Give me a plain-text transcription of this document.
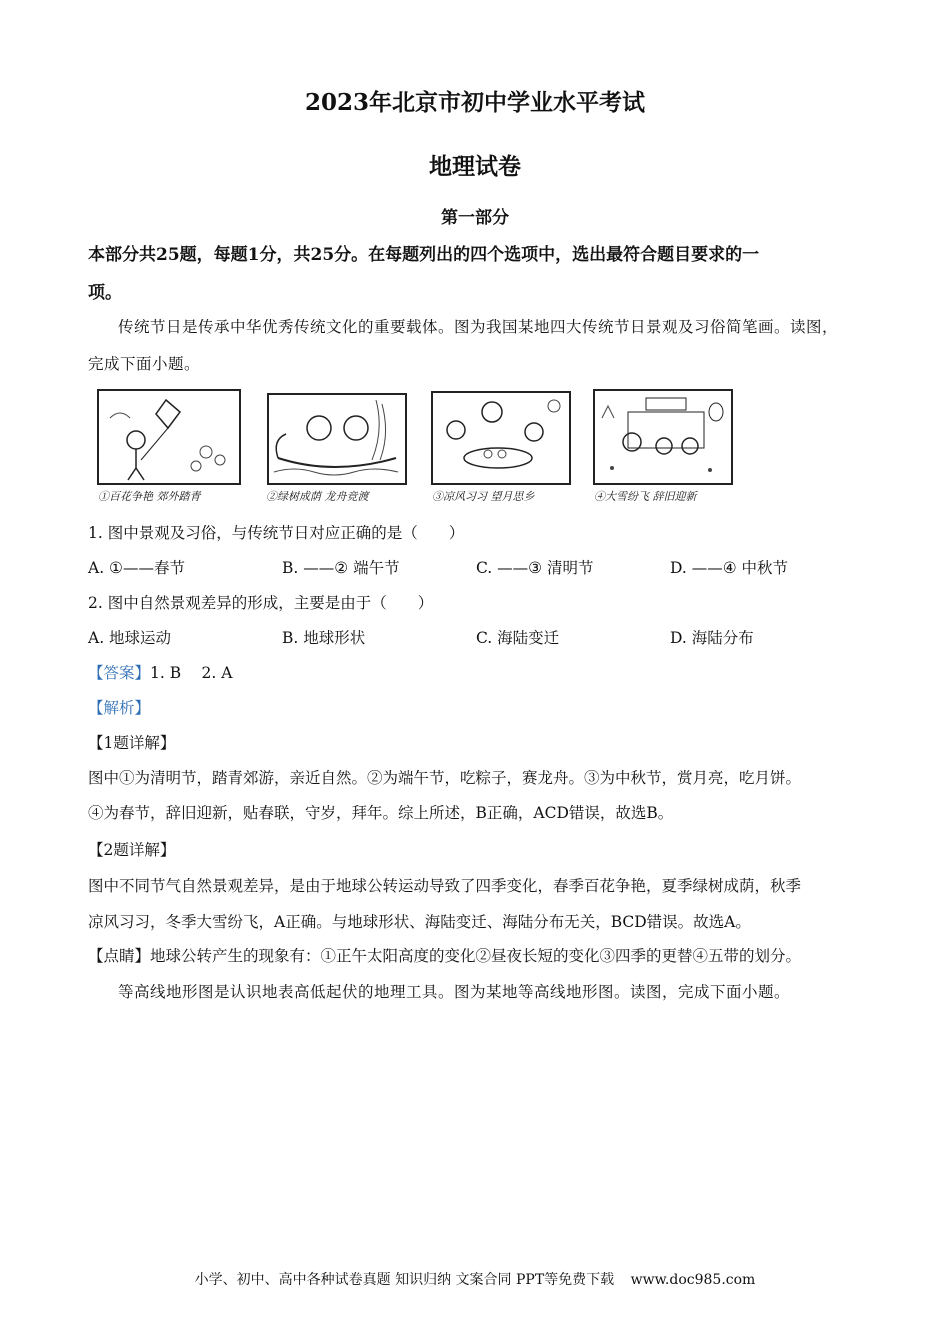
2023年北京市初中学业水平考试
地理试卷
第一部分
本部分共25题，每题1分，共25分。在每题列出的四个选项中，选出最符合题目要求的一
项。
传统节日是传承中华优秀传统文化的重要载体。图为我国某地四大传统节日景观及习俗简笔画。读图，
完成下面小题。
①百花争艳 郊外踏青	②绿树成荫 龙舟竞渡	③凉风习习 望月思乡	④大雪纷飞 辞旧迎新
1. 图中景观及习俗，与传统节日对应正确的是（　　）
A. ①——春节	B. ——② 端午节	C. ——③ 清明节	D. ——④ 中秋节
2. 图中自然景观差异的形成，主要是由于（　　）
A. 地球运动	B. 地球形状	C. 海陆变迁	D. 海陆分布
【答案】1. B　 2. A
【解析】
【1题详解】
图中①为清明节，踏青郊游，亲近自然。②为端午节，吃粽子，赛龙舟。③为中秋节，赏月亮，吃月饼。
④为春节，辞旧迎新，贴春联，守岁，拜年。综上所述，B正确，ACD错误，故选B。
【2题详解】
图中不同节气自然景观差异，是由于地球公转运动导致了四季变化，春季百花争艳，夏季绿树成荫，秋季
凉风习习，冬季大雪纷飞，A正确。与地球形状、海陆变迁、海陆分布无关，BCD错误。故选A。
【点睛】地球公转产生的现象有：①正午太阳高度的变化②昼夜长短的变化③四季的更替④五带的划分。
等高线地形图是认识地表高低起伏的地理工具。图为某地等高线地形图。读图，完成下面小题。
小学、初中、高中各种试卷真题 知识归纳 文案合同 PPT等免费下载 www.doc985.com
